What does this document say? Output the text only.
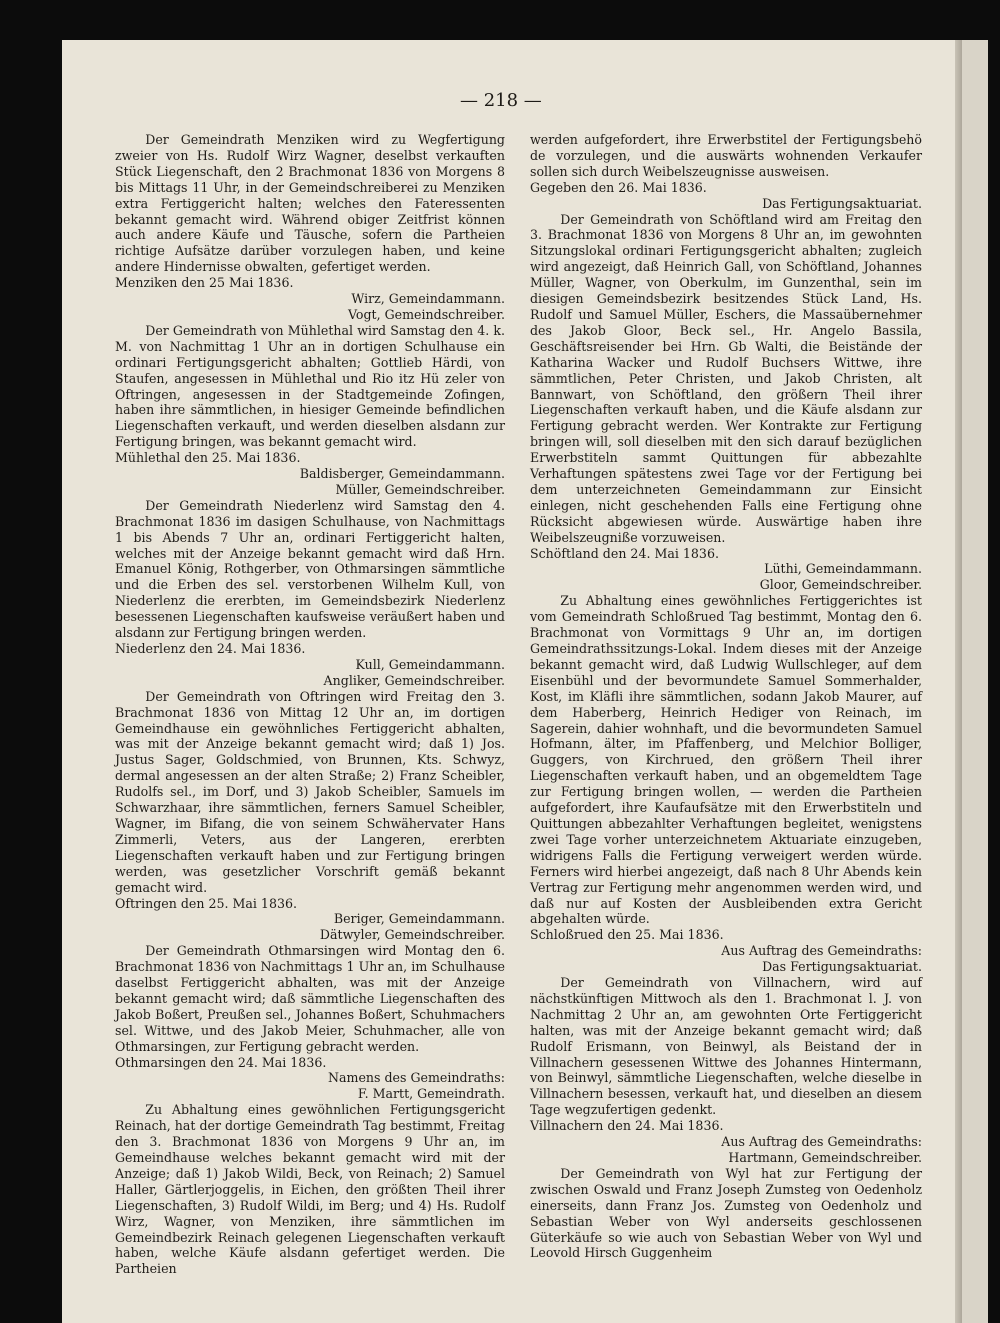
— 218 —

Der Gemeindrath Menziken wird zu Wegfertigung zweier von Hs. Rudolf Wirz Wagner, deselbst verkauften Stück Liegenschaft, den 2 Brachmonat 1836 von Morgens 8 bis Mittags 11 Uhr, in der Gemeindschreiberei zu Menziken extra Fertiggericht halten; welches den Fateressenten bekannt gemacht wird. Während obiger Zeitfrist können auch andere Käufe und Täusche, sofern die Partheien richtige Aufsätze darüber vorzulegen haben, und keine andere Hindernisse obwalten, gefertiget werden.

Menziken den 25 Mai 1836.

Wirz, Gemeindammann.

Vogt, Gemeindschreiber.

Der Gemeindrath von Mühlethal wird Samstag den 4. k. M. von Nachmittag 1 Uhr an in dortigen Schulhause ein ordinari Fertigungsgericht abhalten; Gottlieb Härdi, von Staufen, angesessen in Mühlethal und Rio itz Hü zeler von Oftringen, angesessen in der Stadtgemeinde Zofingen, haben ihre sämmtlichen, in hiesiger Gemeinde befindlichen Liegenschaften verkauft, und werden dieselben alsdann zur Fertigung bringen, was bekannt gemacht wird.

Mühlethal den 25. Mai 1836.

Baldisberger, Gemeindammann.

Müller, Gemeindschreiber.

Der Gemeindrath Niederlenz wird Samstag den 4. Brachmonat 1836 im dasigen Schulhause, von Nachmittags 1 bis Abends 7 Uhr an, ordinari Fertiggericht halten, welches mit der Anzeige bekannt gemacht wird daß Hrn. Emanuel König, Rothgerber, von Othmarsingen sämmtliche und die Erben des sel. verstorbenen Wilhelm Kull, von Niederlenz die ererbten, im Gemeindsbezirk Niederlenz besessenen Liegenschaften kaufsweise veräußert haben und alsdann zur Fertigung bringen werden.

Niederlenz den 24. Mai 1836.

Kull, Gemeindammann.

Angliker, Gemeindschreiber.

Der Gemeindrath von Oftringen wird Freitag den 3. Brachmonat 1836 von Mittag 12 Uhr an, im dortigen Gemeindhause ein gewöhnliches Fertiggericht abhalten, was mit der Anzeige bekannt gemacht wird; daß 1) Jos. Justus Sager, Goldschmied, von Brunnen, Kts. Schwyz, dermal angesessen an der alten Straße; 2) Franz Scheibler, Rudolfs sel., im Dorf, und 3) Jakob Scheibler, Samuels im Schwarzhaar, ihre sämmtlichen, ferners Samuel Scheibler, Wagner, im Bifang, die von seinem Schwähervater Hans Zimmerli, Veters, aus der Langeren, ererbten Liegenschaften verkauft haben und zur Fertigung bringen werden, was gesetzlicher Vorschrift gemäß bekannt gemacht wird.

Oftringen den 25. Mai 1836.

Beriger, Gemeindammann.

Dätwyler, Gemeindschreiber.

Der Gemeindrath Othmarsingen wird Montag den 6. Brachmonat 1836 von Nachmittags 1 Uhr an, im Schulhause daselbst Fertiggericht abhalten, was mit der Anzeige bekannt gemacht wird; daß sämmtliche Liegenschaften des Jakob Boßert, Preußen sel., Johannes Boßert, Schuhmachers sel. Wittwe, und des Jakob Meier, Schuhmacher, alle von Othmarsingen, zur Fertigung gebracht werden.

Othmarsingen den 24. Mai 1836.

Namens des Gemeindraths:

F. Martt, Gemeindrath.

Zu Abhaltung eines gewöhnlichen Fertigungsgericht Reinach, hat der dortige Gemeindrath Tag bestimmt, Freitag den 3. Brachmonat 1836 von Morgens 9 Uhr an, im Gemeindhause welches bekannt gemacht wird mit der Anzeige; daß 1) Jakob Wildi, Beck, von Reinach; 2) Samuel Haller, Gärtlerjoggelis, in Eichen, den größten Theil ihrer Liegenschaften, 3) Rudolf Wildi, im Berg; und 4) Hs. Rudolf Wirz, Wagner, von Menziken, ihre sämmtlichen im Gemeindbezirk Reinach gelegenen Liegenschaften verkauft haben, welche Käufe alsdann gefertiget werden. Die Partheien

werden aufgefordert, ihre Erwerbstitel der Fertigungsbehö de vorzulegen, und die auswärts wohnenden Verkaufer sollen sich durch Weibelszeugnisse ausweisen.

Gegeben den 26. Mai 1836.

Das Fertigungsaktuariat.

Der Gemeindrath von Schöftland wird am Freitag den 3. Brachmonat 1836 von Morgens 8 Uhr an, im gewohnten Sitzungslokal ordinari Fertigungsgericht abhalten; zugleich wird angezeigt, daß Heinrich Gall, von Schöftland, Johannes Müller, Wagner, von Oberkulm, im Gunzenthal, sein im diesigen Gemeindsbezirk besitzendes Stück Land, Hs. Rudolf und Samuel Müller, Eschers, die Massaübernehmer des Jakob Gloor, Beck sel., Hr. Angelo Bassila, Geschäftsreisender bei Hrn. Gb Walti, die Beistände der Katharina Wacker und Rudolf Buchsers Wittwe, ihre sämmtlichen, Peter Christen, und Jakob Christen, alt Bannwart, von Schöftland, den größern Theil ihrer Liegenschaften verkauft haben, und die Käufe alsdann zur Fertigung gebracht werden. Wer Kontrakte zur Fertigung bringen will, soll dieselben mit den sich darauf bezüglichen Erwerbstiteln sammt Quittungen für abbezahlte Verhaftungen spätestens zwei Tage vor der Fertigung bei dem unterzeichneten Gemeindammann zur Einsicht einlegen, nicht geschehenden Falls eine Fertigung ohne Rücksicht abgewiesen würde. Auswärtige haben ihre Weibelszeugniße vorzuweisen.

Schöftland den 24. Mai 1836.

Lüthi, Gemeindammann.

Gloor, Gemeindschreiber.

Zu Abhaltung eines gewöhnliches Fertiggerichtes ist vom Gemeindrath Schloßrued Tag bestimmt, Montag den 6. Brachmonat von Vormittags 9 Uhr an, im dortigen Gemeindrathssitzungs-Lokal. Indem dieses mit der Anzeige bekannt gemacht wird, daß Ludwig Wullschleger, auf dem Eisenbühl und der bevormundete Samuel Sommerhalder, Kost, im Kläfli ihre sämmtlichen, sodann Jakob Maurer, auf dem Haberberg, Heinrich Hediger von Reinach, im Sagerein, dahier wohnhaft, und die bevormundeten Samuel Hofmann, älter, im Pfaffenberg, und Melchior Bolliger, Guggers, von Kirchrued, den größern Theil ihrer Liegenschaften verkauft haben, und an obgemeldtem Tage zur Fertigung bringen wollen, — werden die Partheien aufgefordert, ihre Kaufaufsätze mit den Erwerbstiteln und Quittungen abbezahlter Verhaftungen begleitet, wenigstens zwei Tage vorher unterzeichnetem Aktuariate einzugeben, widrigens Falls die Fertigung verweigert werden würde. Ferners wird hierbei angezeigt, daß nach 8 Uhr Abends kein Vertrag zur Fertigung mehr angenommen werden wird, und daß nur auf Kosten der Ausbleibenden extra Gericht abgehalten würde.

Schloßrued den 25. Mai 1836.

Aus Auftrag des Gemeindraths:

Das Fertigungsaktuariat.

Der Gemeindrath von Villnachern, wird auf nächstkünftigen Mittwoch als den 1. Brachmonat l. J. von Nachmittag 2 Uhr an, am gewohnten Orte Fertiggericht halten, was mit der Anzeige bekannt gemacht wird; daß Rudolf Erismann, von Beinwyl, als Beistand der in Villnachern gesessenen Wittwe des Johannes Hintermann, von Beinwyl, sämmtliche Liegenschaften, welche dieselbe in Villnachern besessen, verkauft hat, und dieselben an diesem Tage wegzufertigen gedenkt.

Villnachern den 24. Mai 1836.

Aus Auftrag des Gemeindraths:

Hartmann, Gemeindschreiber.

Der Gemeindrath von Wyl hat zur Fertigung der zwischen Oswald und Franz Joseph Zumsteg von Oedenholz einerseits, dann Franz Jos. Zumsteg von Oedenholz und Sebastian Weber von Wyl anderseits geschlossenen Güterkäufe so wie auch von Sebastian Weber von Wyl und Leovold Hirsch Guggenheim
